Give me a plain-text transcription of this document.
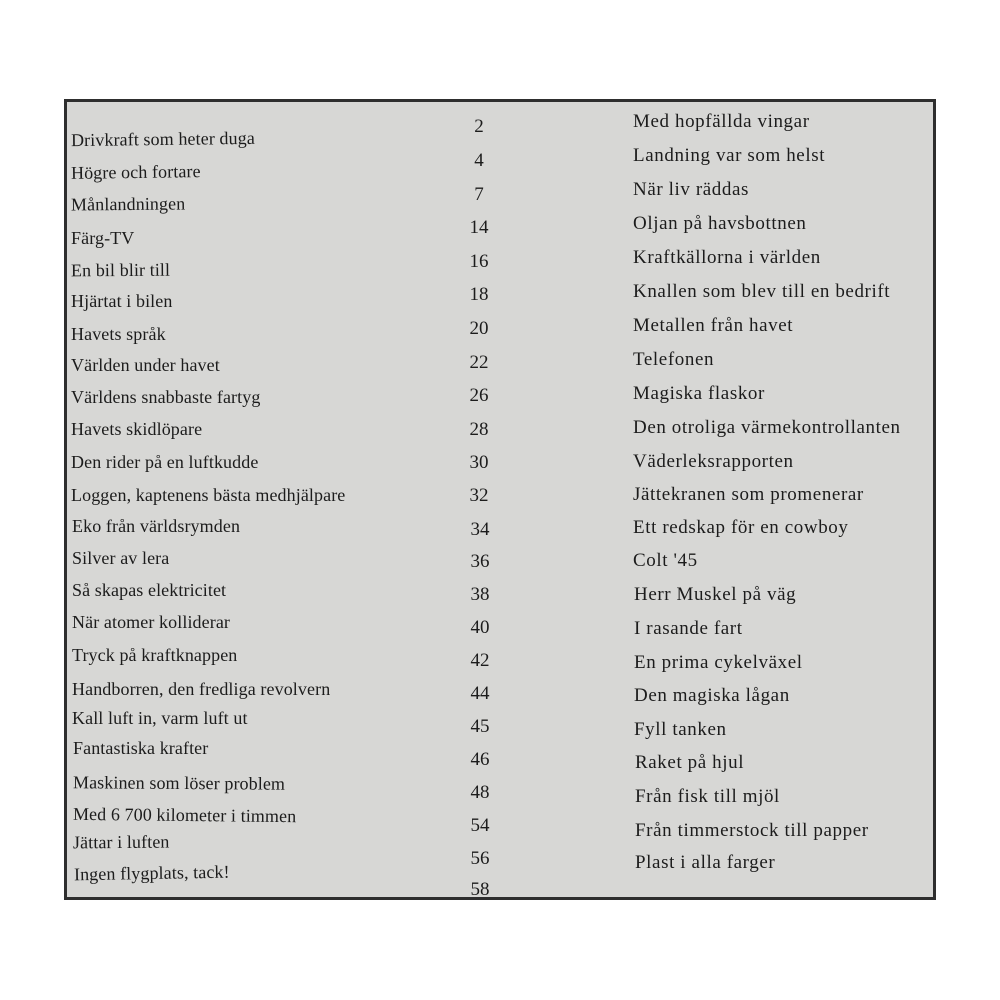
Drivkraft som heter duga
Högre och fortare
Månlandningen
Färg-TV
En bil blir till
Hjärtat i bilen
Havets språk
Världen under havet
Världens snabbaste fartyg
Havets skidlöpare
Den rider på en luftkudde
Loggen, kaptenens bästa medhjälpare
Eko från världsrymden
Silver av lera
Så skapas elektricitet
När atomer kolliderar
Tryck på kraftknappen
Handborren, den fredliga revolvern
Kall luft in, varm luft ut
Fantastiska krafter
Maskinen som löser problem
Med 6 700 kilometer i timmen
Jättar i luften
Ingen flygplats, tack!
2
4
7
14
16
18
20
22
26
28
30
32
34
36
38
40
42
44
45
46
48
54
56
58
Med hopfällda vingar
Landning var som helst
När liv räddas
Oljan på havsbottnen
Kraftkällorna i världen
Knallen som blev till en bedrift
Metallen från havet
Telefonen
Magiska flaskor
Den otroliga värmekontrollanten
Väderleksrapporten
Jättekranen som promenerar
Ett redskap för en cowboy
Colt '45
Herr Muskel på väg
I rasande fart
En prima cykelväxel
Den magiska lågan
Fyll tanken
Raket på hjul
Från fisk till mjöl
Från timmerstock till papper
Plast i alla farger
